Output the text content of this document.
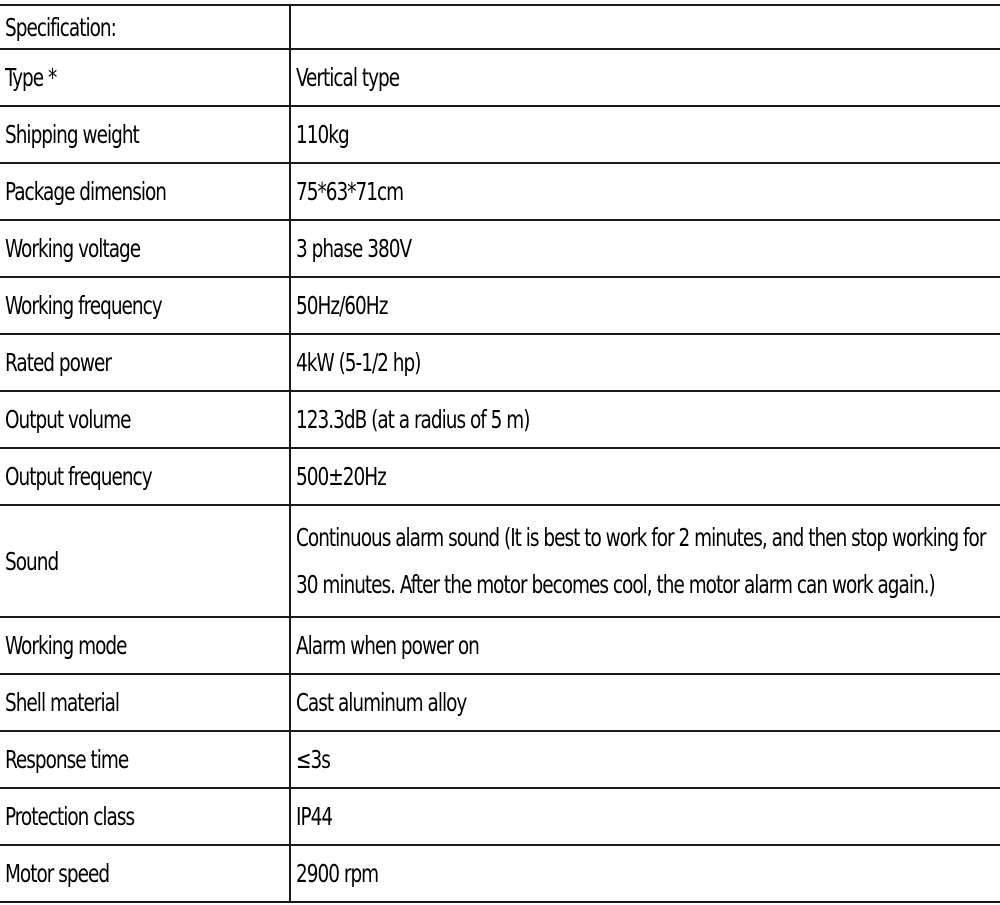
Specification:	
Type *	Vertical type
Shipping weight	110kg
Package dimension	75*63*71cm
Working voltage	3 phase 380V
Working frequency	50Hz/60Hz
Rated power	4kW (5-1/2 hp)
Output volume	123.3dB (at a radius of 5 m)
Output frequency	500±20Hz
Sound	Continuous alarm sound (It is best to work for 2 minutes, and then stop working for 30 minutes. After the motor becomes cool, the motor alarm can work again.)

Working mode	Alarm when power on
Shell material	Cast aluminum alloy
Response time	≤3s
Protection class	IP44
Motor speed	2900 rpm
